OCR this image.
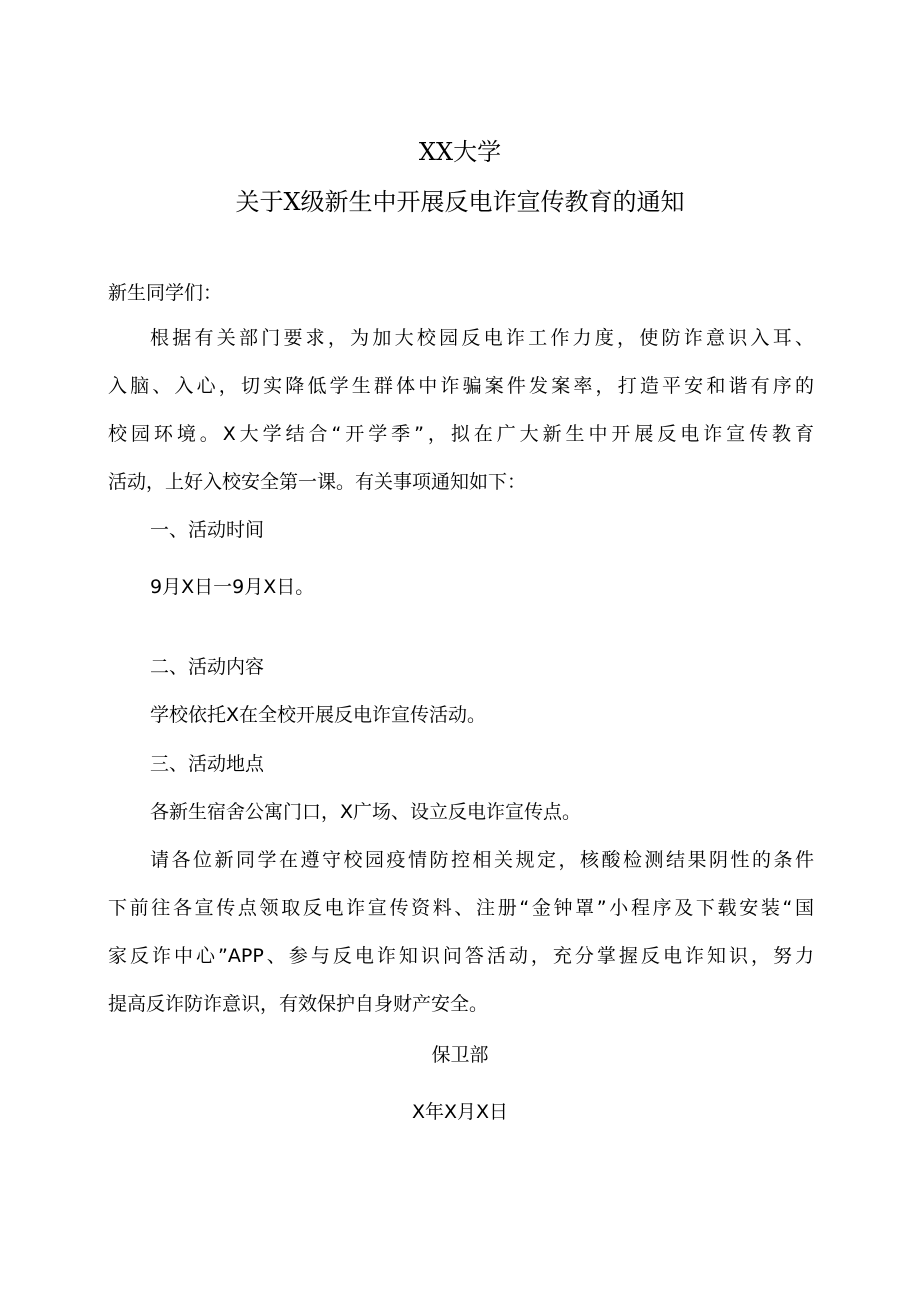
XX大学
关于X级新生中开展反电诈宣传教育的通知
新生同学们：
根据有关部门要求，为加大校园反电诈工作力度，使防诈意识入耳、
入脑、入心，切实降低学生群体中诈骗案件发案率，打造平安和谐有序的
校园环境。X大学结合“开学季”，拟在广大新生中开展反电诈宣传教育
活动，上好入校安全第一课。有关事项通知如下：
一、活动时间
9月X日一9月X日。
二、活动内容
学校依托X在全校开展反电诈宣传活动。
三、活动地点
各新生宿舍公寓门口，X广场、设立反电诈宣传点。
请各位新同学在遵守校园疫情防控相关规定，核酸检测结果阴性的条件
下前往各宣传点领取反电诈宣传资料、注册“金钟罩”小程序及下载安装“国
家反诈中心”APP、参与反电诈知识问答活动，充分掌握反电诈知识，努力
提高反诈防诈意识，有效保护自身财产安全。
保卫部
X年X月X日
